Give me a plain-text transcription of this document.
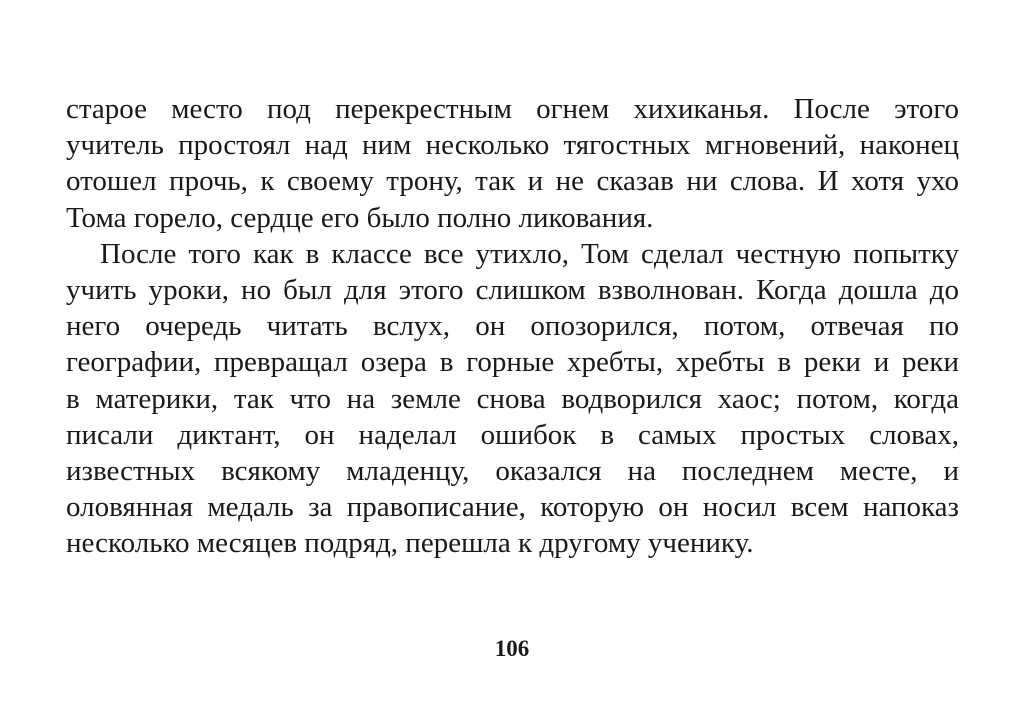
старое место под перекрестным огнем хихиканья. После этого
учитель простоял над ним несколько тягостных мгновений, наконец
отошел прочь, к своему трону, так и не сказав ни слова. И хотя ухо
Тома горело, сердце его было полно ликования.
После того как в классе все утихло, Том сделал честную попытку
учить уроки, но был для этого слишком взволнован. Когда дошла до
него очередь читать вслух, он опозорился, потом, отвечая по
географии, превращал озера в горные хребты, хребты в реки и реки
в материки, так что на земле снова водворился хаос; потом, когда
писали диктант, он наделал ошибок в самых простых словах,
известных всякому младенцу, оказался на последнем месте, и
оловянная медаль за правописание, которую он носил всем напоказ
несколько месяцев подряд, перешла к другому ученику.
106
